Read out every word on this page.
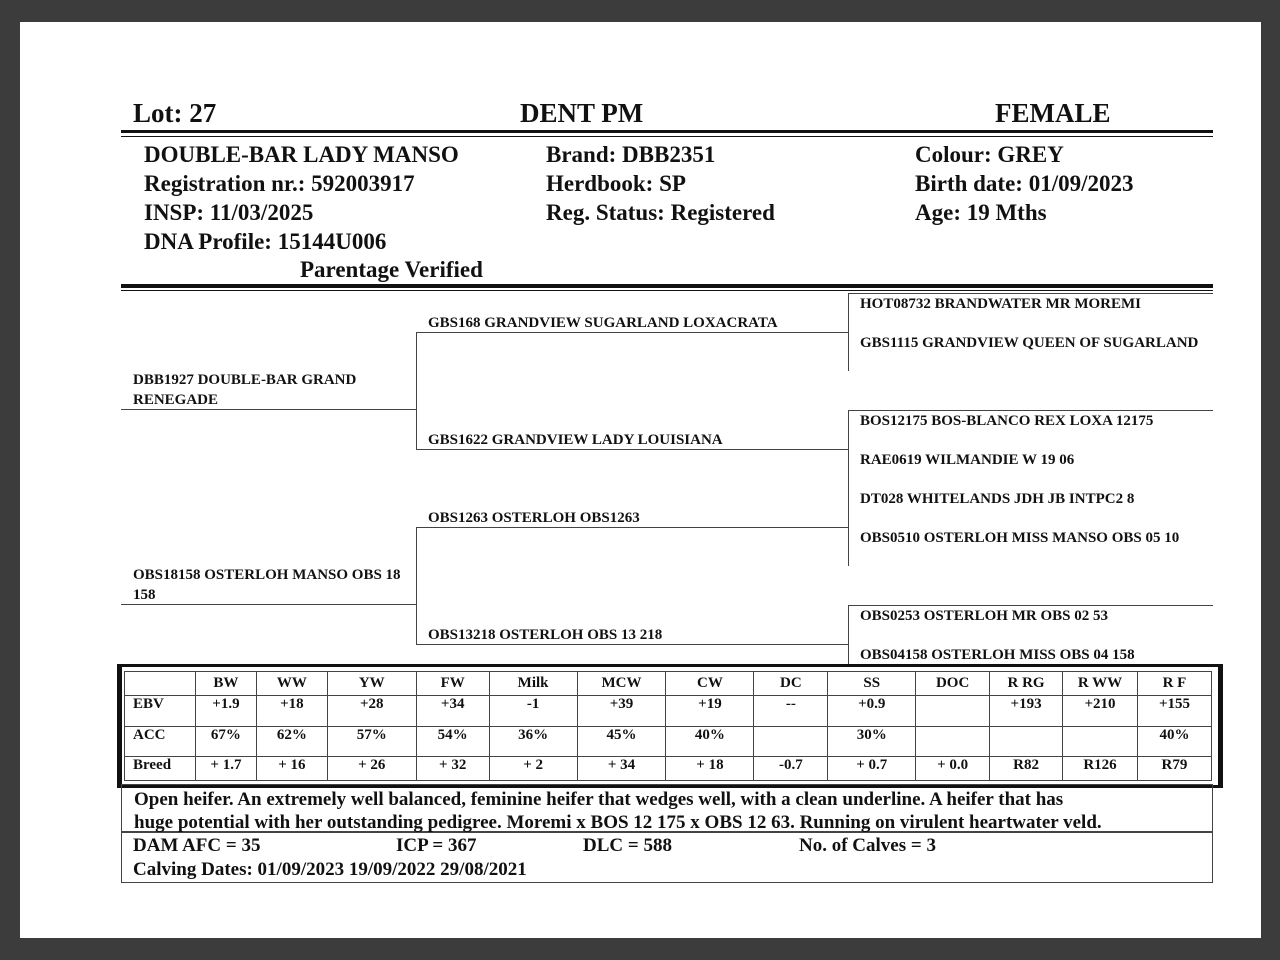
Lot: 27	DENT PM	FEMALE
DOUBLE-BAR LADY MANSO
Registration nr.: 592003917
INSP: 11/03/2025
DNA Profile: 15144U006
Parentage Verified
Brand: DBB2351
Herdbook: SP
Reg. Status: Registered
Colour: GREY
Birth date: 01/09/2023
Age: 19 Mths
DBB1927 DOUBLE-BAR GRAND RENEGADE
OBS18158 OSTERLOH MANSO OBS 18 158
GBS168 GRANDVIEW SUGARLAND LOXACRATA
GBS1622 GRANDVIEW LADY LOUISIANA
OBS1263 OSTERLOH OBS1263
OBS13218 OSTERLOH OBS 13 218
HOT08732 BRANDWATER MR MOREMI
GBS1115 GRANDVIEW QUEEN OF SUGARLAND
BOS12175 BOS-BLANCO REX LOXA 12175
RAE0619 WILMANDIE W 19 06
DT028 WHITELANDS JDH JB INTPC2 8
OBS0510 OSTERLOH MISS MANSO OBS 05 10
OBS0253 OSTERLOH MR OBS 02 53
OBS04158 OSTERLOH MISS OBS 04 158
	BW	WW	YW	FW	Milk	MCW	CW	DC	SS	DOC	R RG	R WW	R F
EBV	+1.9	+18	+28	+34	-1	+39	+19	--	+0.9		+193	+210	+155
ACC	67%	62%	57%	54%	36%	45%	40%		30%				40%
Breed	+ 1.7	+ 16	+ 26	+ 32	+ 2	+ 34	+ 18	-0.7	+ 0.7	+ 0.0	R82	R126	R79
Open heifer. An extremely well balanced, feminine heifer that wedges well, with a clean underline. A heifer that has
huge potential with her outstanding pedigree. Moremi x BOS 12 175 x OBS 12 63. Running on virulent heartwater veld.
DAM AFC = 35	ICP = 367	DLC = 588	No. of Calves = 3
Calving Dates: 01/09/2023 19/09/2022 29/08/2021
